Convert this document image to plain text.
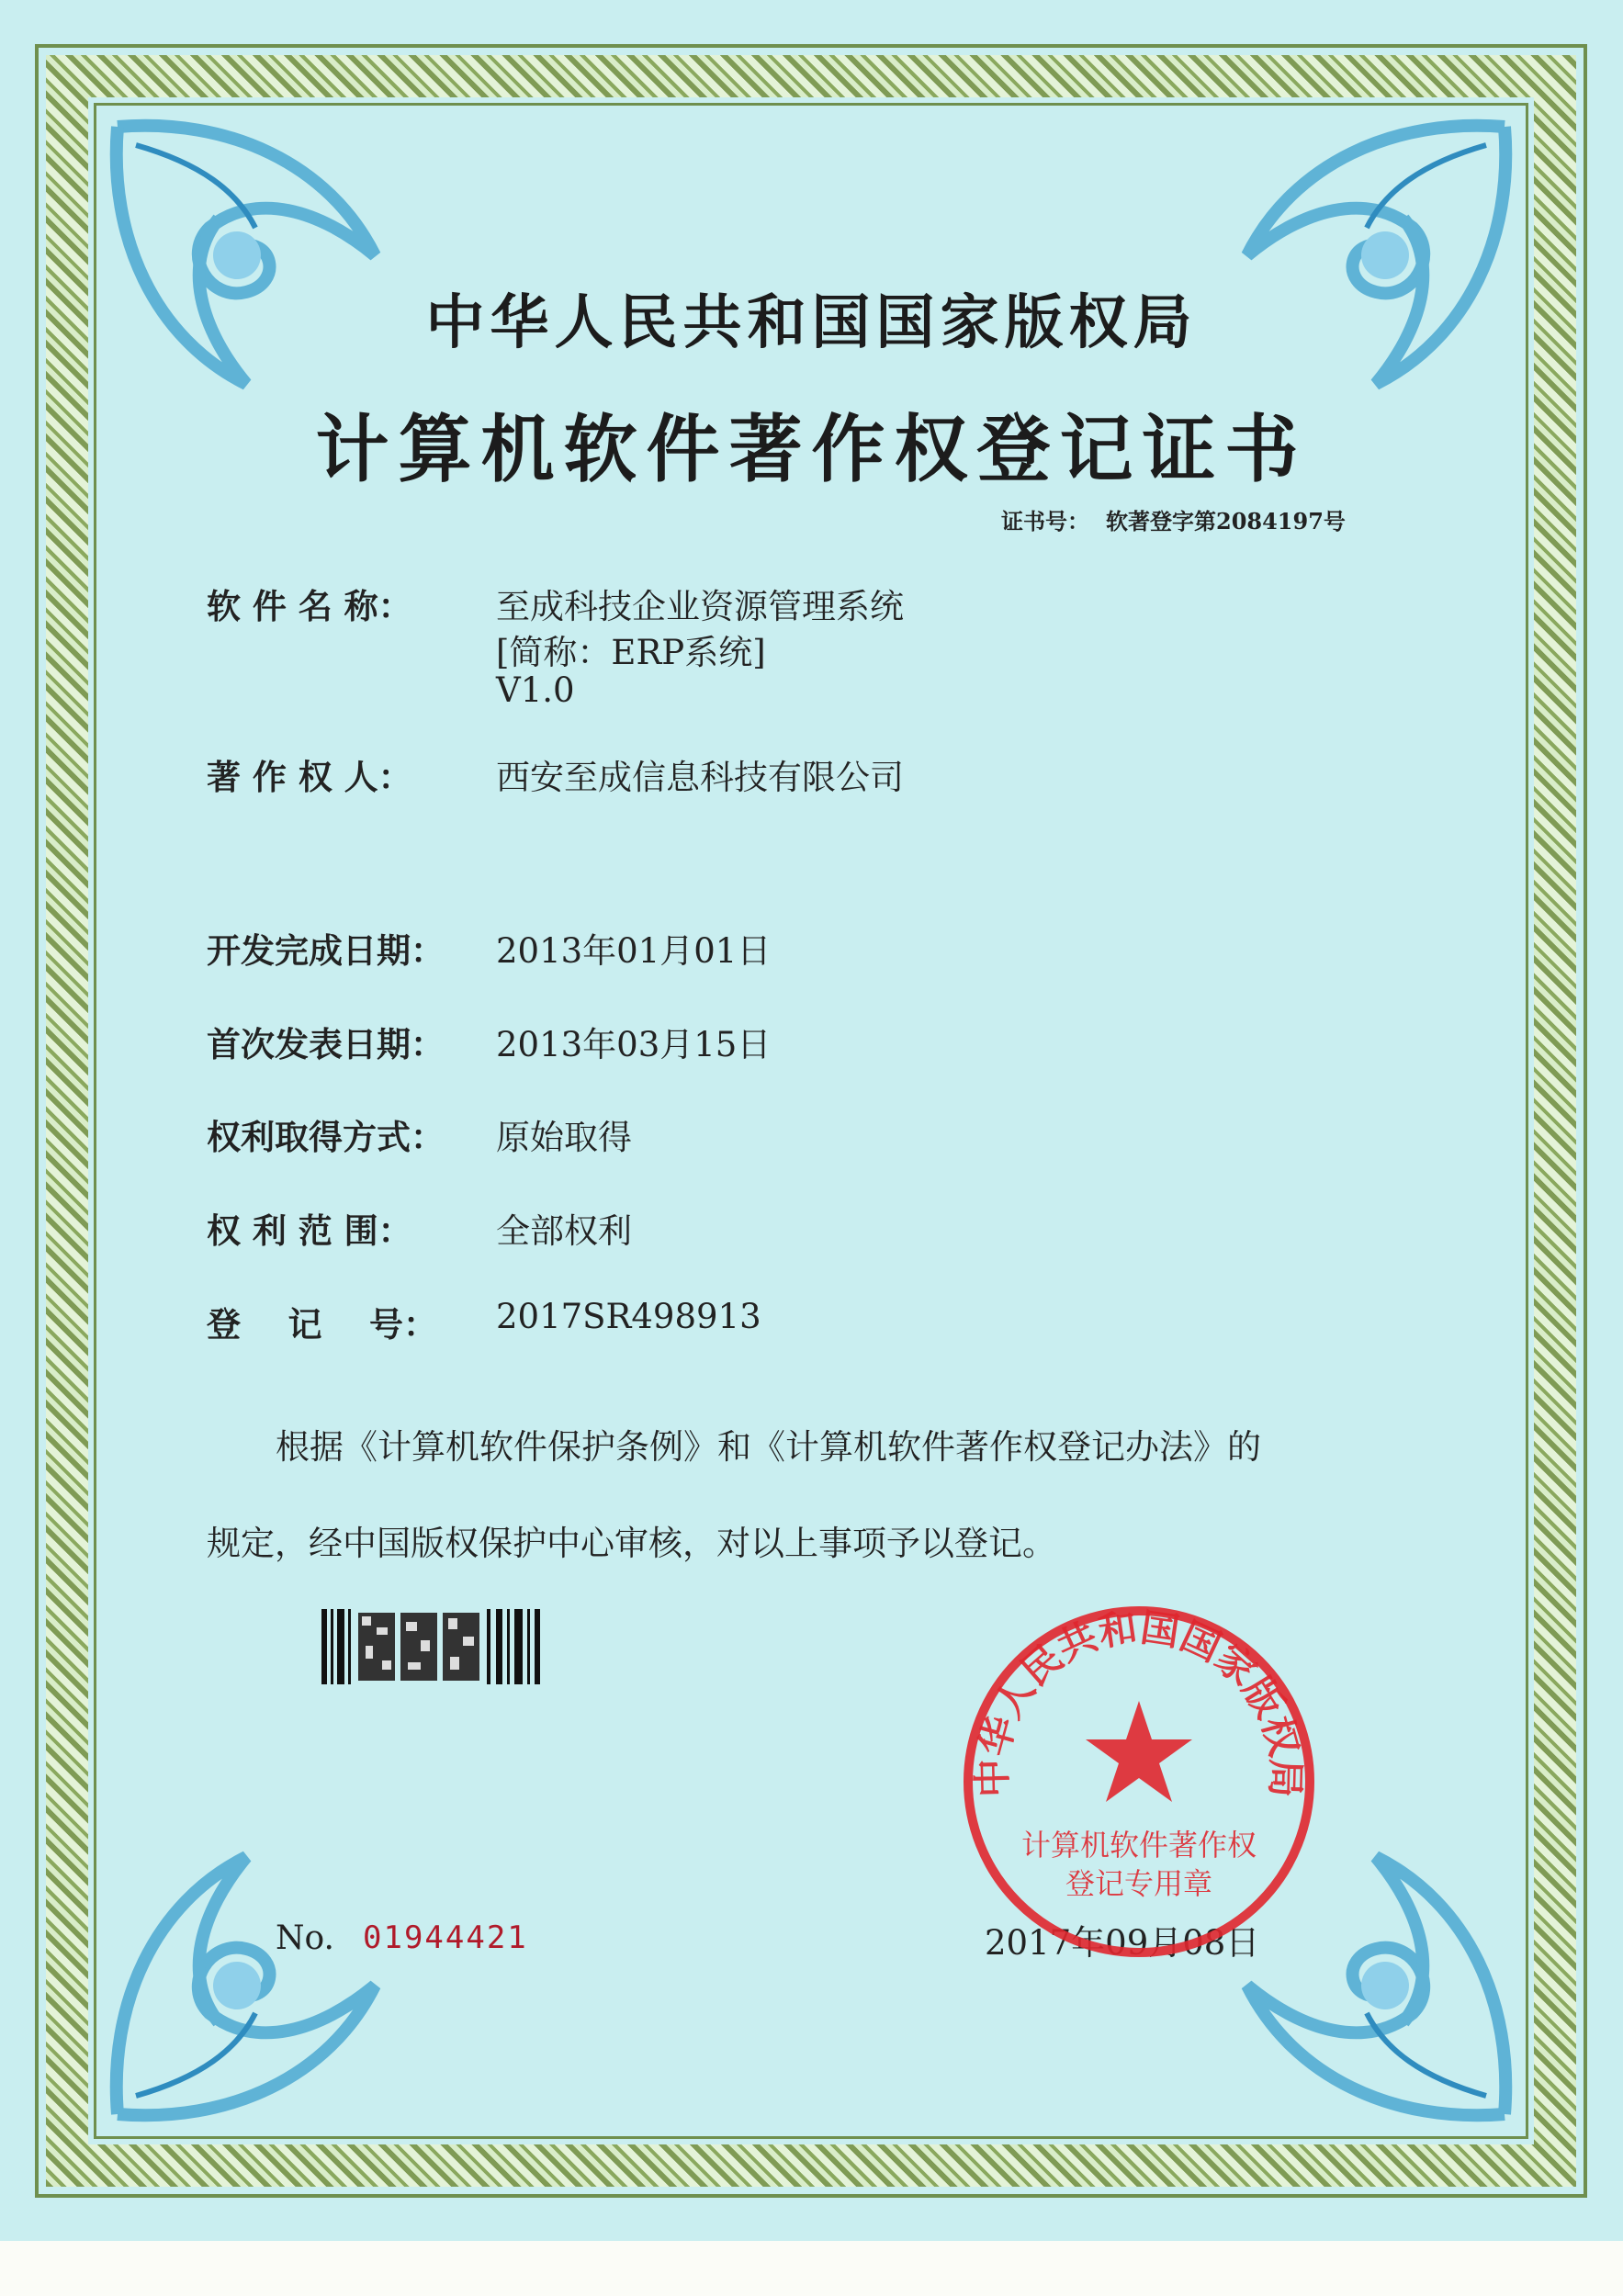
中华人民共和国国家版权局
计算机软件著作权登记证书
证书号： 软著登字第2084197号
软 件 名 称： 至成科技企业资源管理系统
[简称：ERP系统]
V1.0
著 作 权 人： 西安至成信息科技有限公司
开发完成日期： 2013年01月01日
首次发表日期： 2013年03月15日
权利取得方式： 原始取得
权 利 范 围： 全部权利
登    记    号： 2017SR498913
根据《计算机软件保护条例》和《计算机软件著作权登记办法》的
规定，经中国版权保护中心审核，对以上事项予以登记。
No. 01944421	2017年09月08日
中华人民共和国国家版权局
计算机软件著作权
登记专用章
